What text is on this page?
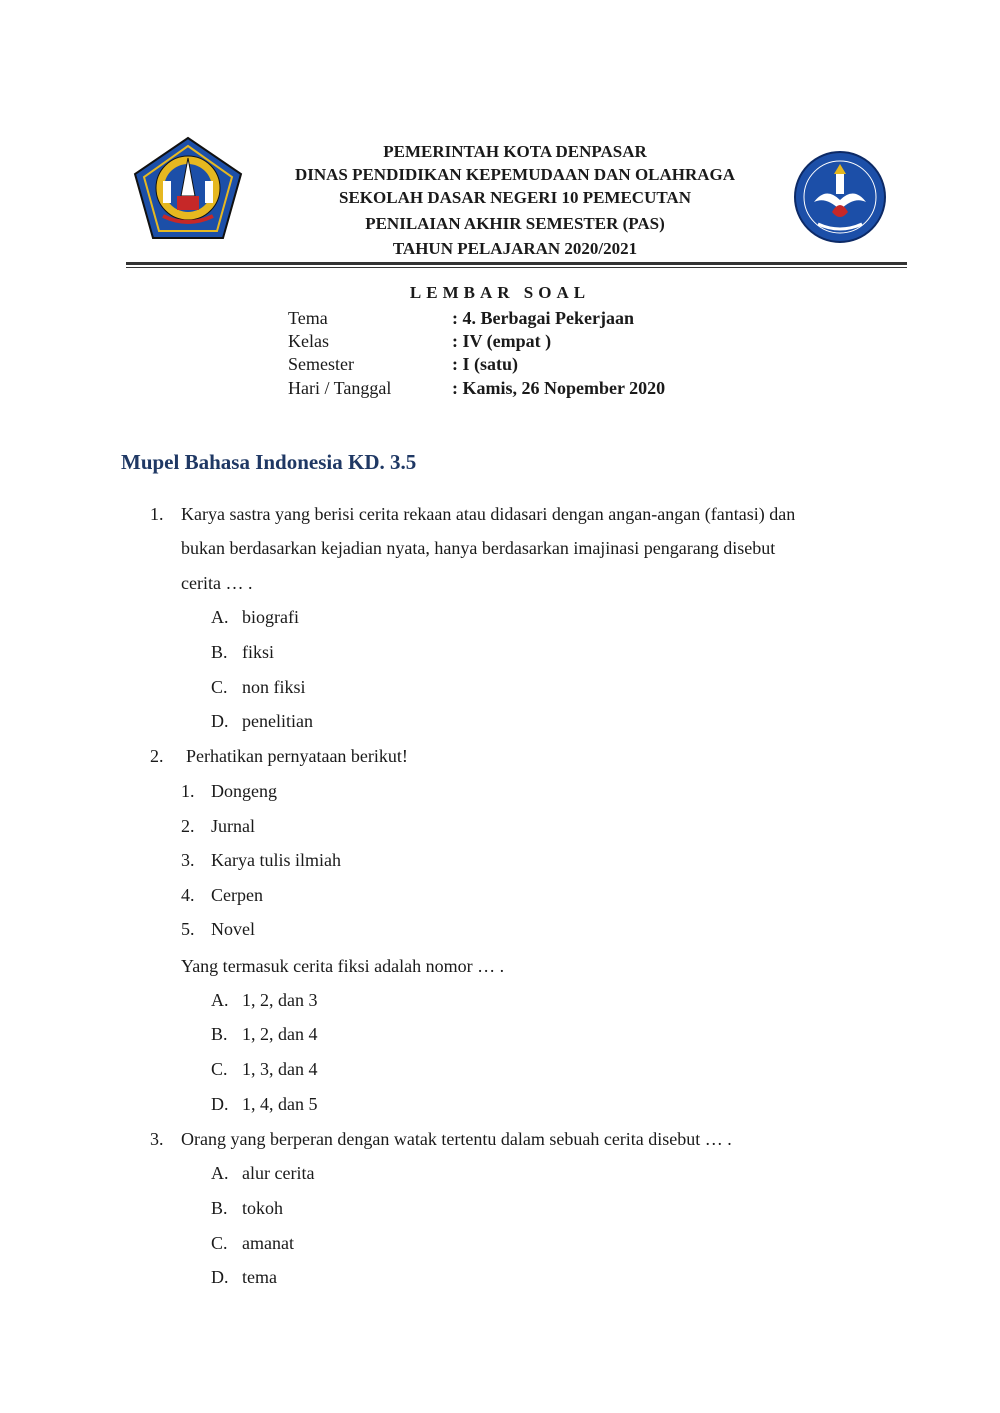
PEMERINTAH KOTA DENPASAR
DINAS PENDIDIKAN KEPEMUDAAN DAN OLAHRAGA
SEKOLAH DASAR NEGERI 10 PEMECUTAN
PENILAIAN AKHIR SEMESTER (PAS)
TAHUN PELAJARAN 2020/2021
LEMBAR SOAL
Tema	: 4. Berbagai Pekerjaan
Kelas	: IV (empat )
Semester	: I (satu)
Hari / Tanggal	: Kamis, 26 Nopember 2020
Mupel Bahasa Indonesia KD. 3.5
1. Karya sastra yang berisi cerita rekaan atau didasari dengan angan-angan (fantasi) dan
bukan berdasarkan kejadian nyata, hanya berdasarkan imajinasi pengarang disebut
cerita … .
A. biografi
B. fiksi
C. non fiksi
D. penelitian
2.	Perhatikan pernyataan berikut!
1. Dongeng
2. Jurnal
3. Karya tulis ilmiah
4. Cerpen
5. Novel
Yang termasuk cerita fiksi adalah nomor … .
A. 1, 2, dan 3
B. 1, 2, dan 4
C. 1, 3, dan 4
D. 1, 4, dan 5
3. Orang yang berperan dengan watak tertentu dalam sebuah cerita disebut … .
A. alur cerita
B. tokoh
C. amanat
D. tema
